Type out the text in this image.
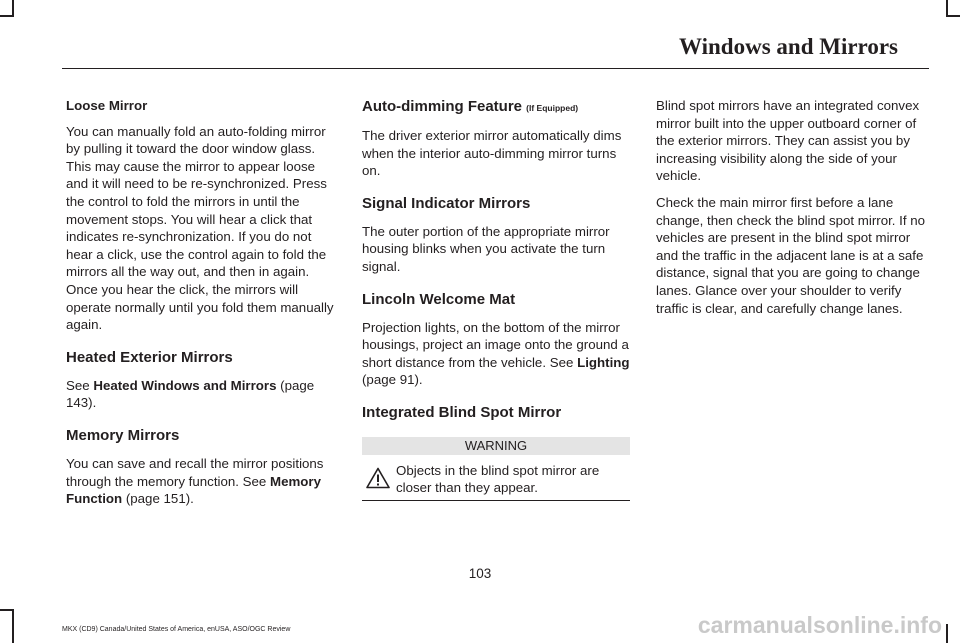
Windows and Mirrors

Loose Mirror

You can manually fold an auto-folding mirror by pulling it toward the door window glass. This may cause the mirror to appear loose and it will need to be re-synchronized. Press the control to fold the mirrors in until the movement stops. You will hear a click that indicates re-synchronization. If you do not hear a click, use the control again to fold the mirrors all the way out, and then in again. Once you hear the click, the mirrors will operate normally until you fold them manually again.

Heated Exterior Mirrors

See Heated Windows and Mirrors (page 143).

Memory Mirrors

You can save and recall the mirror positions through the memory function. See Memory Function (page 151).

Auto-dimming Feature (If Equipped)

The driver exterior mirror automatically dims when the interior auto-dimming mirror turns on.

Signal Indicator Mirrors

The outer portion of the appropriate mirror housing blinks when you activate the turn signal.

Lincoln Welcome Mat

Projection lights, on the bottom of the mirror housings, project an image onto the ground a short distance from the vehicle. See Lighting (page 91).

Integrated Blind Spot Mirror
WARNING
Objects in the blind spot mirror are closer than they appear.

Blind spot mirrors have an integrated convex mirror built into the upper outboard corner of the exterior mirrors. They can assist you by increasing visibility along the side of your vehicle.

Check the main mirror first before a lane change, then check the blind spot mirror. If no vehicles are present in the blind spot mirror and the traffic in the adjacent lane is at a safe distance, signal that you are going to change lanes. Glance over your shoulder to verify traffic is clear, and carefully change lanes.

103
MKX (CD9) Canada/United States of America, enUSA, ASO/OGC Review	carmanualsonline.info
